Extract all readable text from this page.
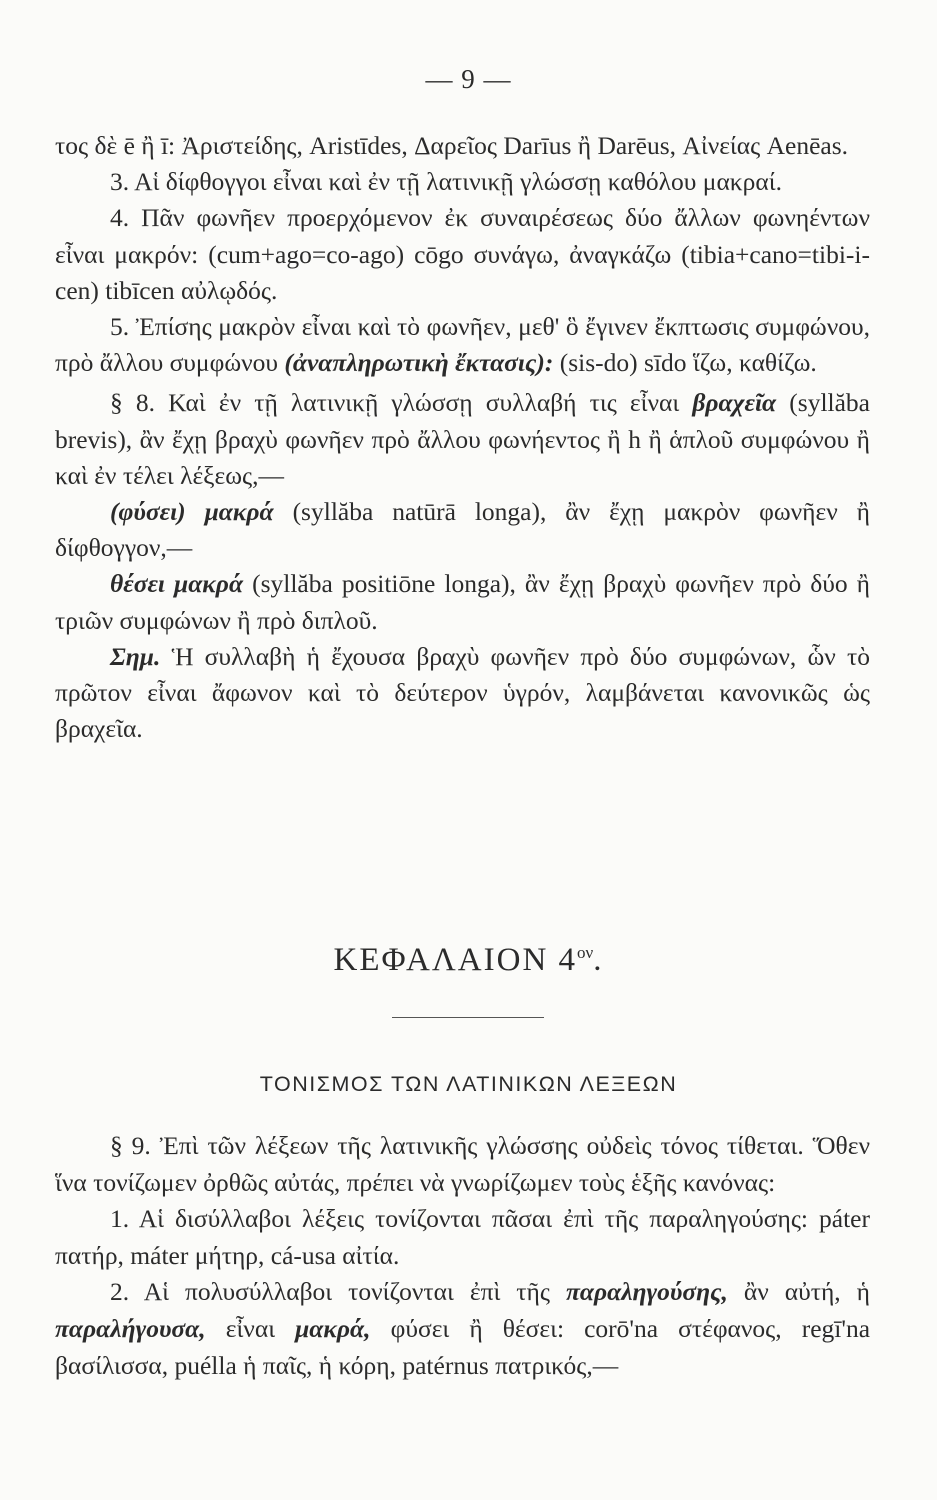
— 9 —

τος δὲ ē ἢ ī: Ἀριστείδης, Aristīdes, Δαρεῖος Darīus ἢ Darēus, Αἰνείας Aenēas.

3. Αἱ δίφθογγοι εἶναι καὶ ἐν τῇ λατινικῇ γλώσσῃ καθόλου μακραί.

4. Πᾶν φωνῆεν προερχόμενον ἐκ συναιρέσεως δύο ἄλλων φωνηέντων εἶναι μακρόν: (cum+ago=co-ago) cōgo συνάγω, ἀναγκάζω (tibia+cano=tibi-i-cen) tibīcen αὐλῳδός.

5. Ἐπίσης μακρὸν εἶναι καὶ τὸ φωνῆεν, μεθ' ὃ ἔγινεν ἔκπτωσις συμφώνου, πρὸ ἄλλου συμφώνου (ἀναπληρωτικὴ ἔκτασις): (sis-do) sīdo ἵζω, καθίζω.

§ 8. Καὶ ἐν τῇ λατινικῇ γλώσσῃ συλλαβή τις εἶναι βραχεῖα (syllăba brevis), ἂν ἔχῃ βραχὺ φωνῆεν πρὸ ἄλλου φωνήεντος ἢ h ἢ ἁπλοῦ συμφώνου ἢ καὶ ἐν τέλει λέξεως,—

(φύσει) μακρά (syllăba natūrā longa), ἂν ἔχῃ μακρὸν φωνῆεν ἢ δίφθογγον,—

θέσει μακρά (syllăba positiōne longa), ἂν ἔχῃ βραχὺ φωνῆεν πρὸ δύο ἢ τριῶν συμφώνων ἢ πρὸ διπλοῦ.

Σημ. Ἡ συλλαβὴ ἡ ἔχουσα βραχὺ φωνῆεν πρὸ δύο συμφώνων, ὧν τὸ πρῶτον εἶναι ἄφωνον καὶ τὸ δεύτερον ὑγρόν, λαμβάνεται κανονικῶς ὡς βραχεῖα.

ΚΕΦΑΛΑΙΟΝ $4^{o\nu}$.
ΤΟΝΙΣΜΟΣ ΤΩΝ ΛΑΤΙΝΙΚΩΝ ΛΕΞΕΩΝ

§ 9. Ἐπὶ τῶν λέξεων τῆς λατινικῆς γλώσσης οὐδεὶς τόνος τίθεται. Ὅθεν ἵνα τονίζωμεν ὀρθῶς αὐτάς, πρέπει νὰ γνωρίζωμεν τοὺς ἑξῆς κανόνας:

1. Αἱ δισύλλαβοι λέξεις τονίζονται πᾶσαι ἐπὶ τῆς παραληγούσης: páter πατήρ, máter μήτηρ, cá-usa αἰτία.

2. Αἱ πολυσύλλαβοι τονίζονται ἐπὶ τῆς παραληγούσης, ἂν αὐτή, ἡ παραλήγουσα, εἶναι μακρά, φύσει ἢ θέσει: corō'na στέφανος, regī'na βασίλισσα, puélla ἡ παῖς, ἡ κόρη, patérnus πατρικός,—
